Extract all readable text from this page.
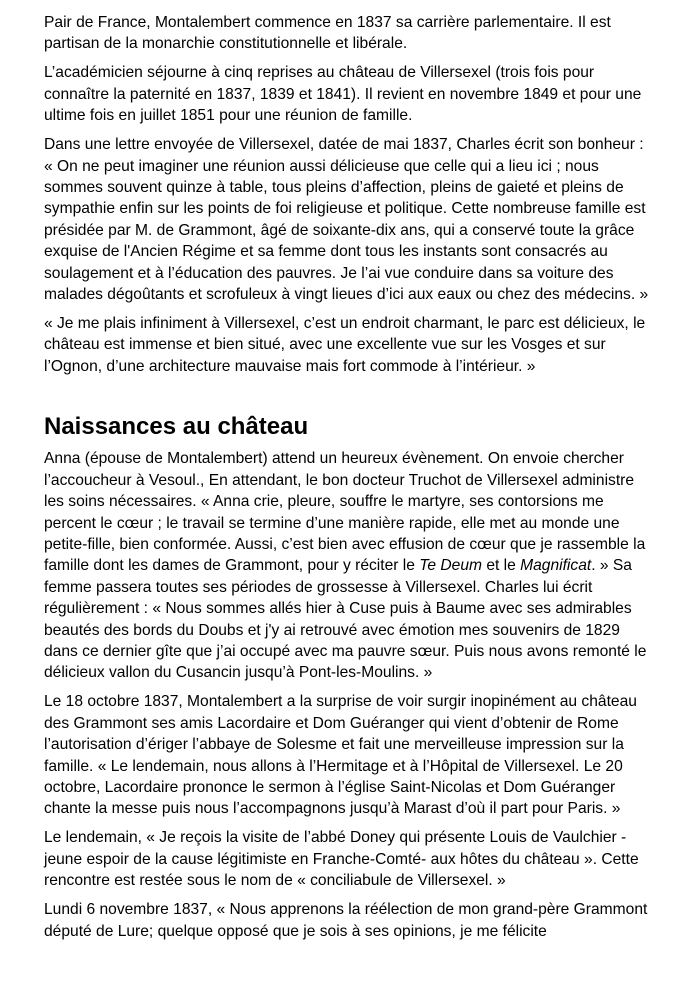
Pair de France, Montalembert commence en 1837 sa carrière parlementaire. Il est partisan de la monarchie constitutionnelle et libérale.

L’académicien séjourne à cinq reprises au château de Villersexel (trois fois pour connaître la paternité en 1837, 1839 et 1841). Il revient en novembre 1849 et pour une ultime fois en juillet 1851 pour une réunion de famille.

Dans une lettre envoyée de Villersexel, datée de mai 1837, Charles écrit son bonheur : « On ne peut imaginer une réunion aussi délicieuse que celle qui a lieu ici ; nous sommes souvent quinze à table, tous pleins d’affection, pleins de gaieté et pleins de sympathie enfin sur les points de foi religieuse et politique. Cette nombreuse famille est présidée par M. de Grammont, âgé de soixante-dix ans, qui a conservé toute la grâce exquise de l'Ancien Régime et sa femme dont tous les instants sont consacrés au soulagement et à l’éducation des pauvres. Je l’ai vue conduire dans sa voiture des malades dégoûtants et scrofuleux à vingt lieues d’ici aux eaux ou chez des médecins. »

« Je me plais infiniment à Villersexel, c’est un endroit charmant, le parc est délicieux, le château est immense et bien situé, avec une excellente vue sur les Vosges et sur l’Ognon, d’une architecture mauvaise mais fort commode à l’intérieur. »

Naissances au château

Anna (épouse de Montalembert) attend un heureux évènement. On envoie chercher l’accoucheur à Vesoul., En attendant, le bon docteur Truchot de Villersexel administre les soins nécessaires. « Anna crie, pleure, souffre le martyre, ses contorsions me percent le cœur ; le travail se termine d’une manière rapide, elle met au monde une petite-fille, bien conformée. Aussi, c’est bien avec effusion de cœur que je rassemble la famille dont les dames de Grammont, pour y réciter le Te Deum et le Magnificat. » Sa femme passera toutes ses périodes de grossesse à Villersexel. Charles lui écrit régulièrement : « Nous sommes allés hier à Cuse puis à Baume avec ses admirables beautés des bords du Doubs et j'y ai retrouvé avec émotion mes souvenirs de 1829 dans ce dernier gîte que j’ai occupé avec ma pauvre sœur. Puis nous avons remonté le délicieux vallon du Cusancin jusqu’à Pont-les-Moulins. »

Le 18 octobre 1837, Montalembert a la surprise de voir surgir inopinément au château des Grammont ses amis Lacordaire et Dom Guéranger qui vient d’obtenir de Rome l’autorisation d’ériger l’abbaye de Solesme et fait une merveilleuse impression sur la famille. « Le lendemain, nous allons à l’Hermitage et à l’Hôpital de Villersexel. Le 20 octobre, Lacordaire prononce le sermon à l’église Saint-Nicolas et Dom Guéranger chante la messe puis nous l’accompagnons jusqu’à Marast d’où il part pour Paris. »

Le lendemain, « Je reçois la visite de l’abbé Doney qui présente Louis de Vaulchier - jeune espoir de la cause légitimiste en Franche-Comté- aux hôtes du château ». Cette rencontre est restée sous le nom de « conciliabule de Villersexel. »

Lundi 6 novembre 1837, « Nous apprenons la réélection de mon grand-père Grammont député de Lure; quelque opposé que je sois à ses opinions, je me félicite
